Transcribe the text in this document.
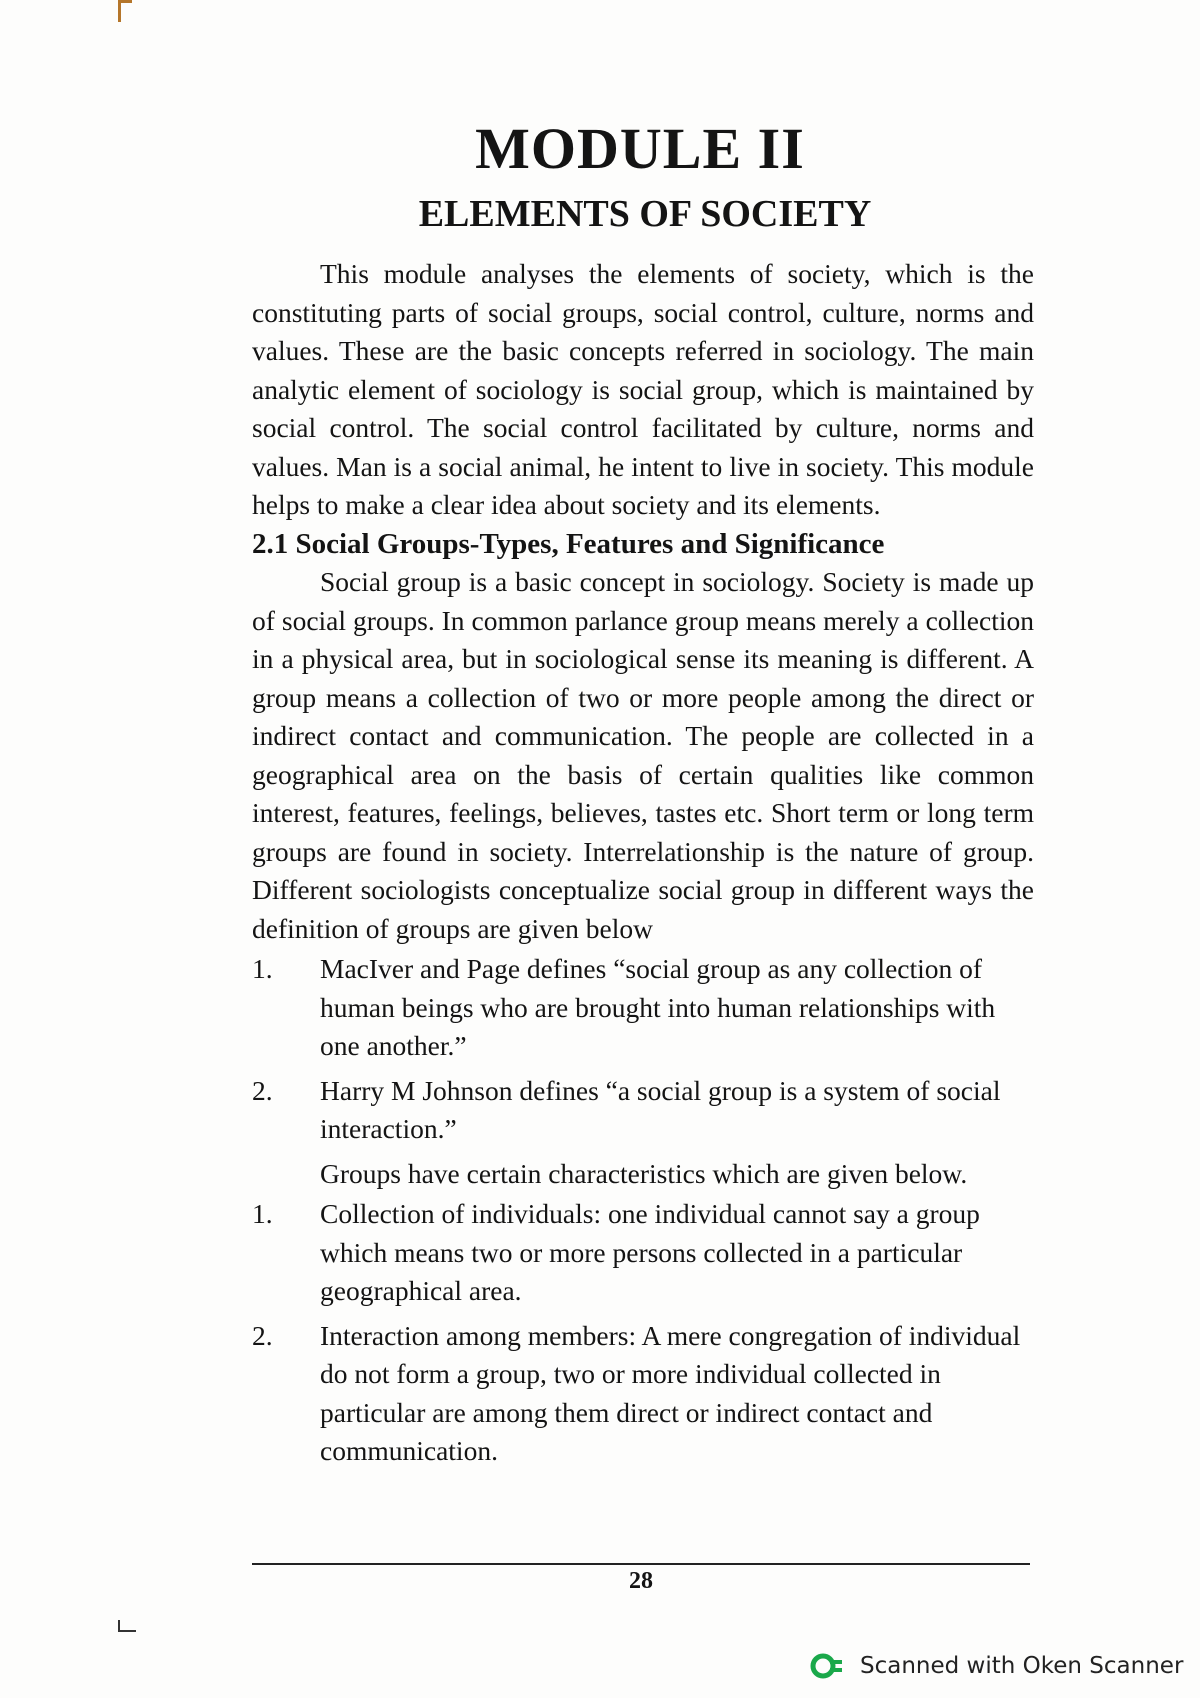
MODULE II
ELEMENTS OF SOCIETY

This module analyses the elements of society, which is the constituting parts of social groups, social control, culture, norms and values. These are the basic concepts referred in sociology. The main analytic element of sociology is social group, which is maintained by social control. The social control facilitated by culture, norms and values. Man is a social animal, he intent to live in society. This module helps to make a clear idea about society and its elements.

2.1 Social Groups-Types, Features and Significance

Social group is a basic concept in sociology. Society is made up of social groups. In common parlance group means merely a collection in a physical area, but in sociological sense its meaning is different. A group means a collection of two or more people among the direct or indirect contact and communication. The people are collected in a geographical area on the basis of certain qualities like common interest, features, feelings, believes, tastes etc. Short term or long term groups are found in society. Interrelationship is the nature of group. Different sociologists conceptualize social group in different ways the definition of groups are given below

1. MacIver and Page defines “social group as any collection of human beings who are brought into human relationships with one another.”
2. Harry M Johnson defines “a social group is a system of social interaction.”

Groups have certain characteristics which are given below.

1. Collection of individuals: one individual cannot say a group which means two or more persons collected in a particular geographical area.
2. Interaction among members: A mere congregation of individual do not form a group, two or more individual collected in particular are among them direct or indirect contact and communication.
28
Scanned with Oken Scanner
